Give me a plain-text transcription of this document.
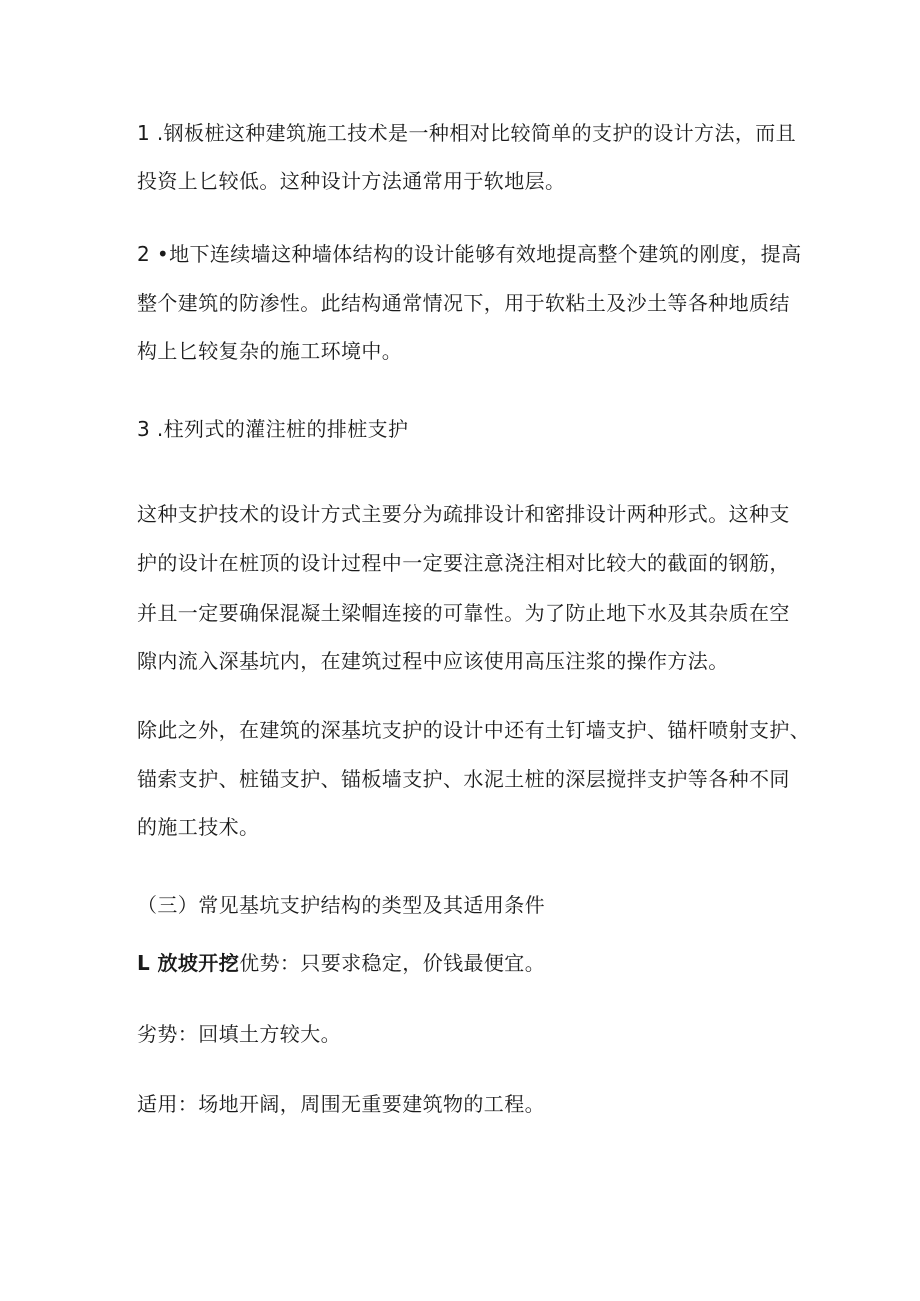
1 .钢板桩这种建筑施工技术是一种相对比较简单的支护的设计方法，而且
投资上匕较低。这种设计方法通常用于软地层。
2 •地下连续墙这种墙体结构的设计能够有效地提高整个建筑的刚度，提高
整个建筑的防渗性。此结构通常情况下，用于软粘土及沙土等各种地质结
构上匕较复杂的施工环境中。
3 .柱列式的灌注桩的排桩支护
这种支护技术的设计方式主要分为疏排设计和密排设计两种形式。这种支
护的设计在桩顶的设计过程中一定要注意浇注相对比较大的截面的钢筋，
并且一定要确保混凝土梁帽连接的可靠性。为了防止地下水及其杂质在空
隙内流入深基坑内，在建筑过程中应该使用高压注浆的操作方法。
除此之外，在建筑的深基坑支护的设计中还有土钉墙支护、锚杆喷射支护、
锚索支护、桩锚支护、锚板墙支护、水泥土桩的深层搅拌支护等各种不同
的施工技术。
（三）常见基坑支护结构的类型及其适用条件
L 放坡开挖优势：只要求稳定，价钱最便宜。
劣势：回填土方较大。
适用：场地开阔，周围无重要建筑物的工程。
